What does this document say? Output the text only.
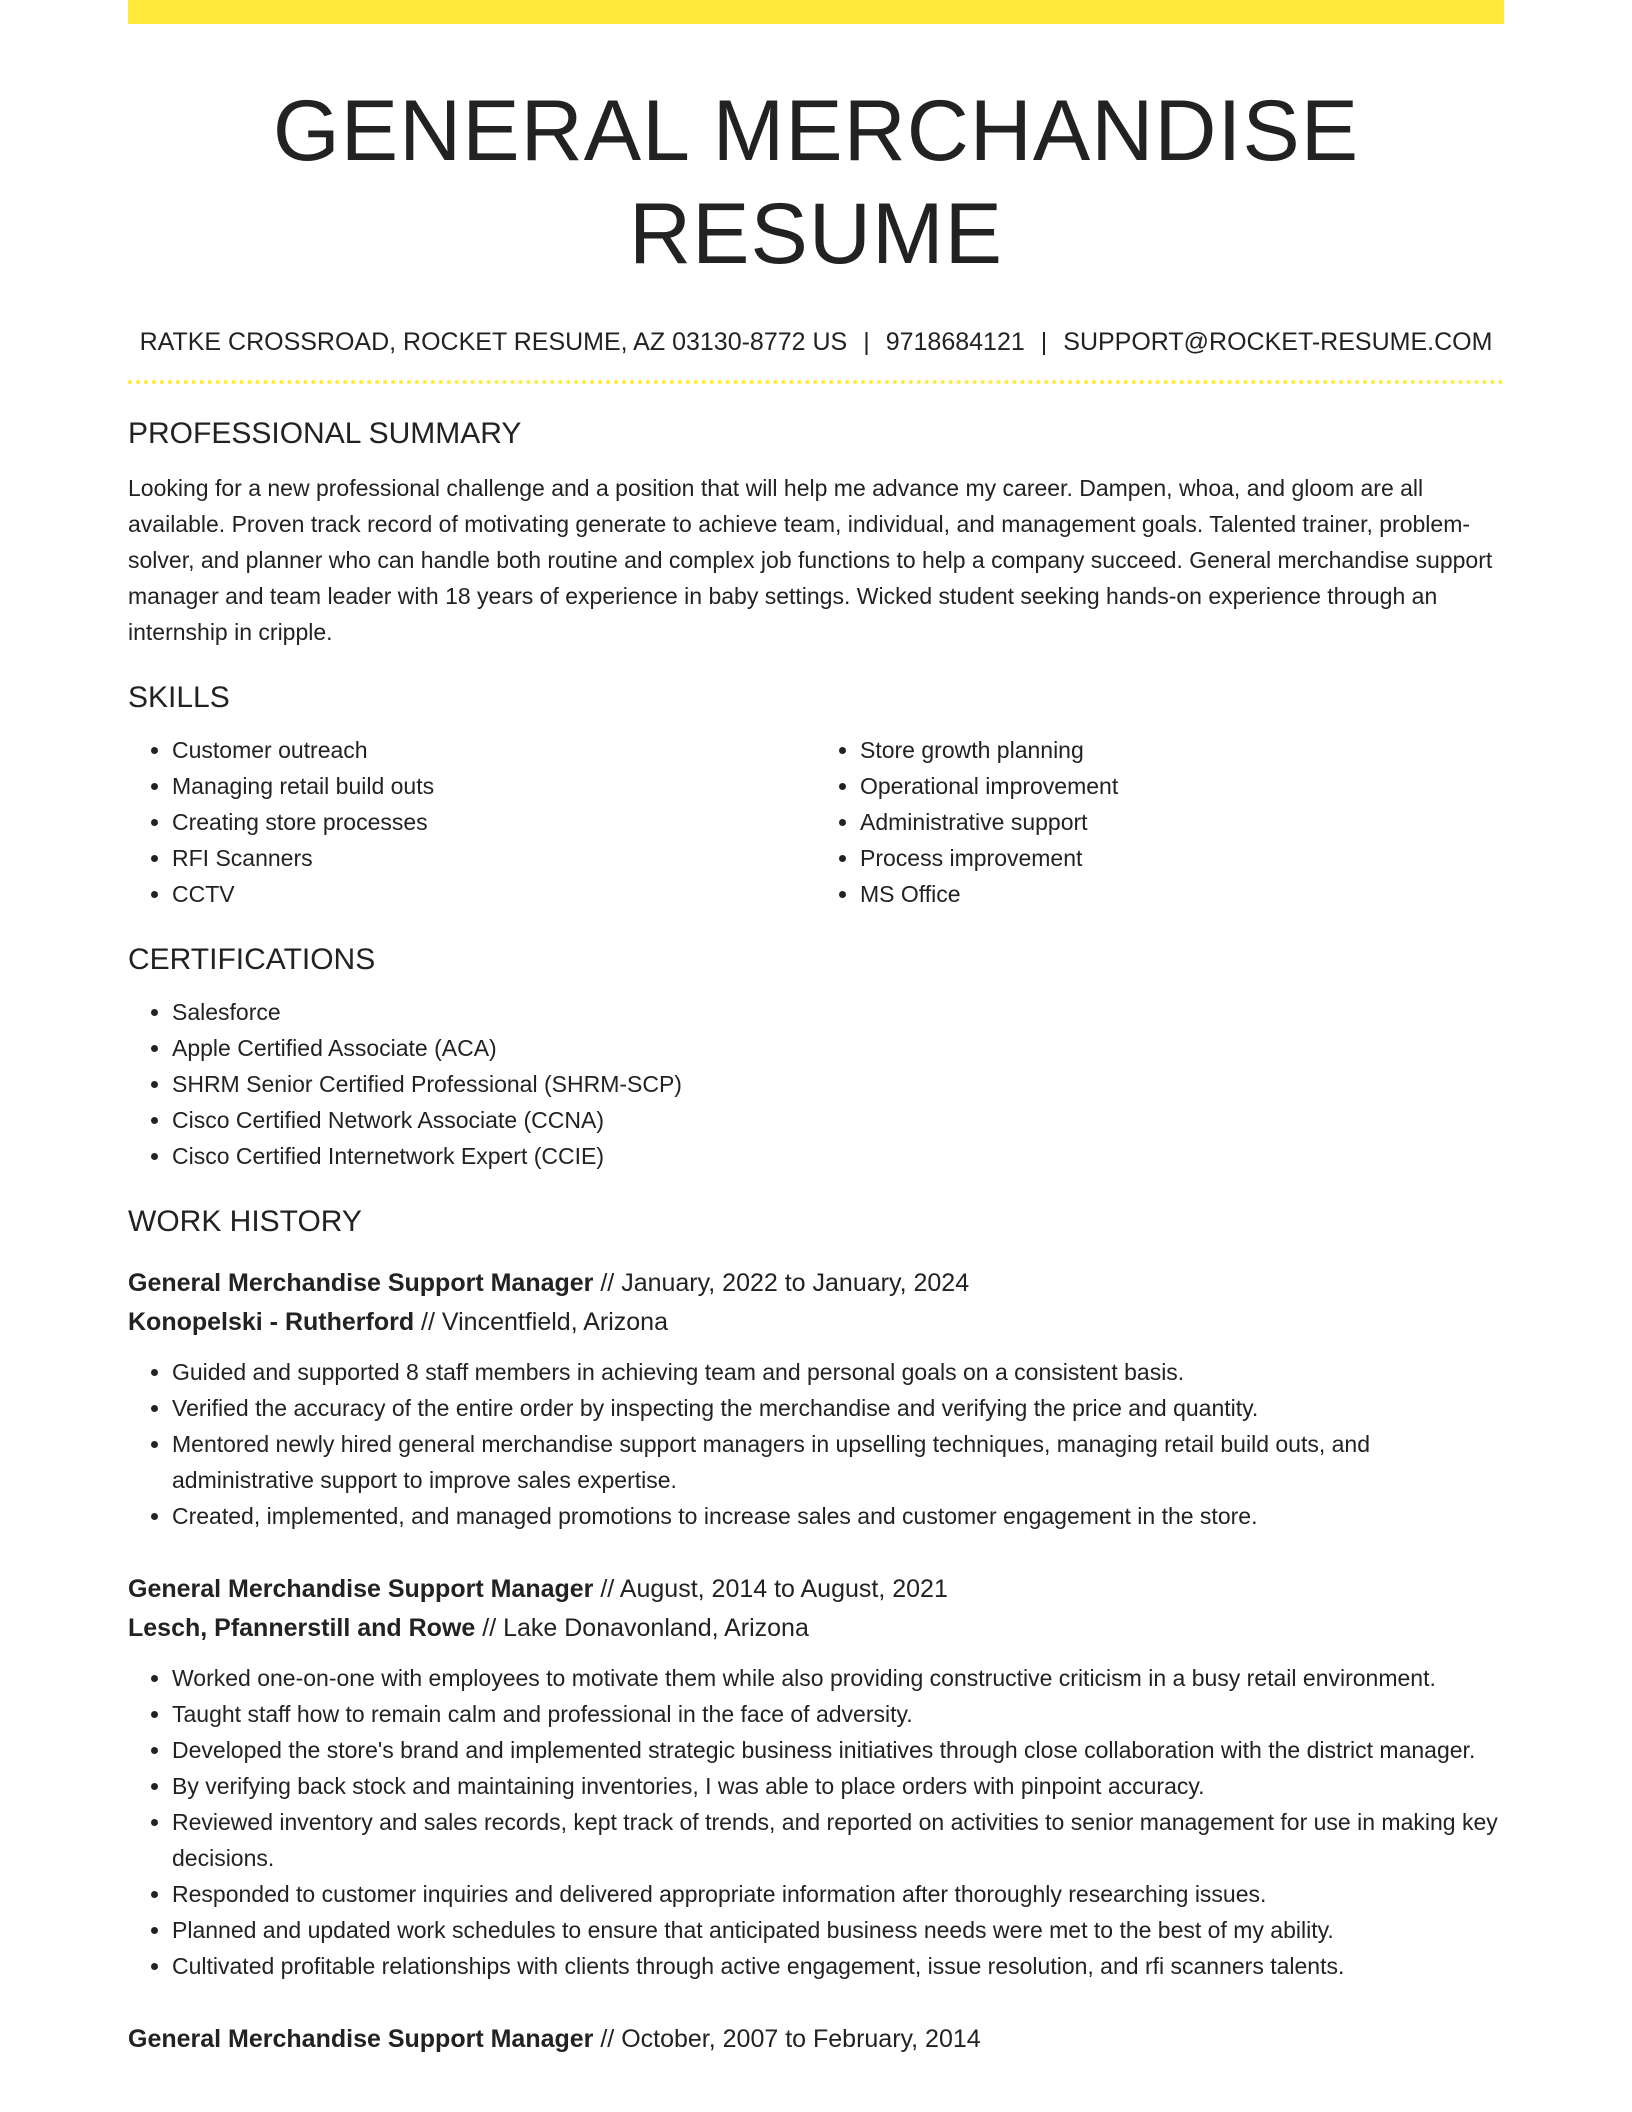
GENERAL MERCHANDISE RESUME
RATKE CROSSROAD, ROCKET RESUME, AZ 03130-8772 US | 9718684121 | SUPPORT@ROCKET-RESUME.COM
PROFESSIONAL SUMMARY
Looking for a new professional challenge and a position that will help me advance my career. Dampen, whoa, and gloom are all available. Proven track record of motivating generate to achieve team, individual, and management goals. Talented trainer, problem-solver, and planner who can handle both routine and complex job functions to help a company succeed. General merchandise support manager and team leader with 18 years of experience in baby settings. Wicked student seeking hands-on experience through an internship in cripple.
SKILLS
• Customer outreach
• Managing retail build outs
• Creating store processes
• RFI Scanners
• CCTV
• Store growth planning
• Operational improvement
• Administrative support
• Process improvement
• MS Office
CERTIFICATIONS
• Salesforce
• Apple Certified Associate (ACA)
• SHRM Senior Certified Professional (SHRM-SCP)
• Cisco Certified Network Associate (CCNA)
• Cisco Certified Internetwork Expert (CCIE)
WORK HISTORY
General Merchandise Support Manager // January, 2022 to January, 2024
Konopelski - Rutherford // Vincentfield, Arizona
• Guided and supported 8 staff members in achieving team and personal goals on a consistent basis.
• Verified the accuracy of the entire order by inspecting the merchandise and verifying the price and quantity.
• Mentored newly hired general merchandise support managers in upselling techniques, managing retail build outs, and administrative support to improve sales expertise.
• Created, implemented, and managed promotions to increase sales and customer engagement in the store.
General Merchandise Support Manager // August, 2014 to August, 2021
Lesch, Pfannerstill and Rowe // Lake Donavonland, Arizona
• Worked one-on-one with employees to motivate them while also providing constructive criticism in a busy retail environment.
• Taught staff how to remain calm and professional in the face of adversity.
• Developed the store's brand and implemented strategic business initiatives through close collaboration with the district manager.
• By verifying back stock and maintaining inventories, I was able to place orders with pinpoint accuracy.
• Reviewed inventory and sales records, kept track of trends, and reported on activities to senior management for use in making key decisions.
• Responded to customer inquiries and delivered appropriate information after thoroughly researching issues.
• Planned and updated work schedules to ensure that anticipated business needs were met to the best of my ability.
• Cultivated profitable relationships with clients through active engagement, issue resolution, and rfi scanners talents.
General Merchandise Support Manager // October, 2007 to February, 2014
